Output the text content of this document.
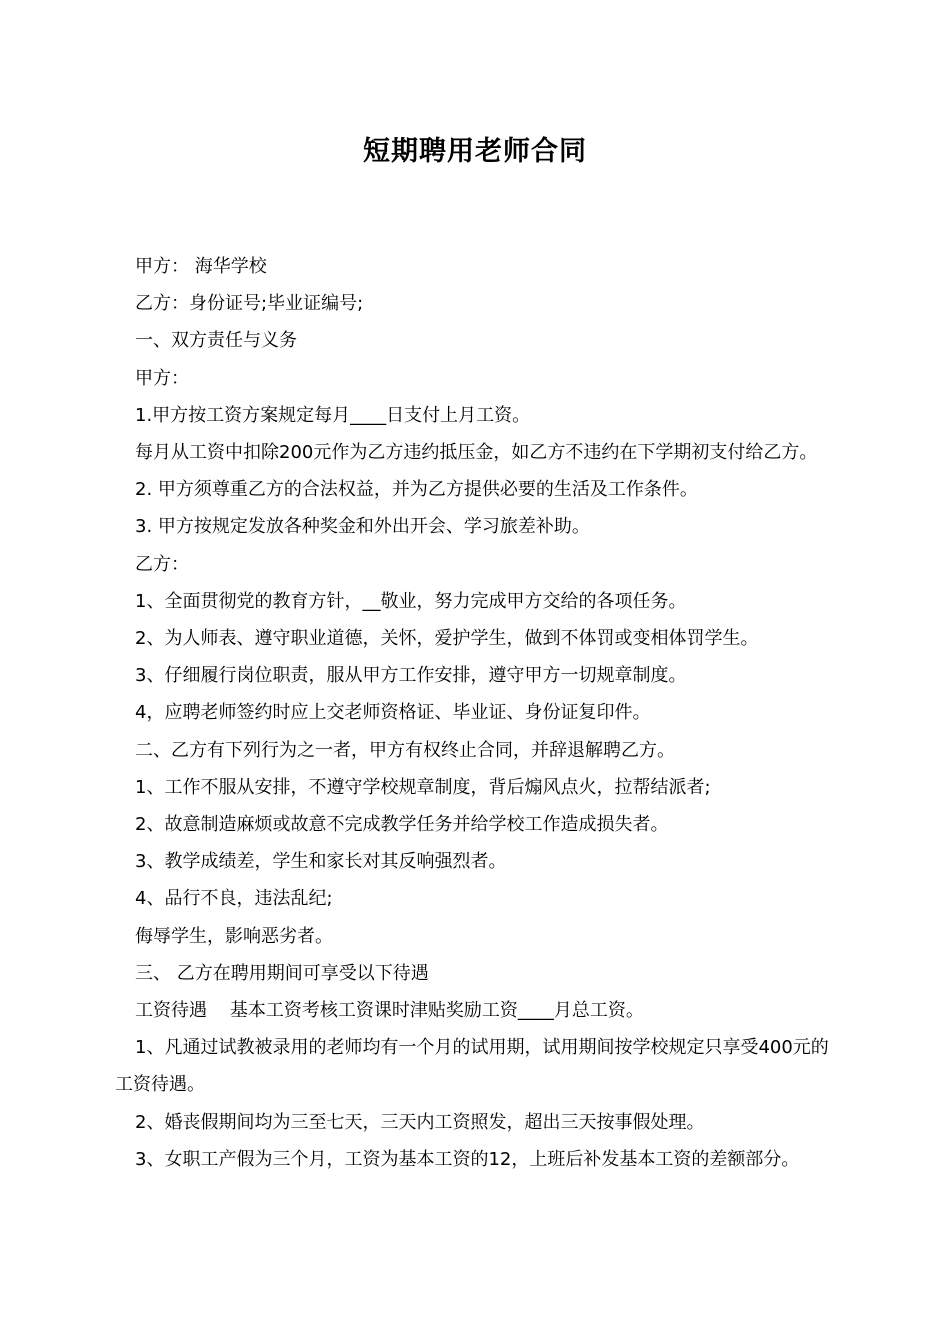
短期聘用老师合同

甲方： 海华学校

乙方：身份证号;毕业证编号;

一、双方责任与义务

甲方：

1.甲方按工资方案规定每月____日支付上月工资。

每月从工资中扣除200元作为乙方违约抵压金，如乙方不违约在下学期初支付给乙方。

2. 甲方须尊重乙方的合法权益，并为乙方提供必要的生活及工作条件。

3. 甲方按规定发放各种奖金和外出开会、学习旅差补助。

乙方：

1、全面贯彻党的教育方针，__敬业，努力完成甲方交给的各项任务。

2、为人师表、遵守职业道德，关怀，爱护学生，做到不体罚或变相体罚学生。

3、仔细履行岗位职责，服从甲方工作安排，遵守甲方一切规章制度。

4，应聘老师签约时应上交老师资格证、毕业证、身份证复印件。

二、乙方有下列行为之一者，甲方有权终止合同，并辞退解聘乙方。

1、工作不服从安排，不遵守学校规章制度，背后煽风点火，拉帮结派者;

2、故意制造麻烦或故意不完成教学任务并给学校工作造成损失者。

3、教学成绩差，学生和家长对其反响强烈者。

4、品行不良，违法乱纪;

侮辱学生，影响恶劣者。

三、 乙方在聘用期间可享受以下待遇

工资待遇    基本工资考核工资课时津贴奖励工资____月总工资。

1、凡通过试教被录用的老师均有一个月的试用期，试用期间按学校规定只享受400元的工资待遇。

2、婚丧假期间均为三至七天，三天内工资照发，超出三天按事假处理。

3、女职工产假为三个月，工资为基本工资的12，上班后补发基本工资的差额部分。
